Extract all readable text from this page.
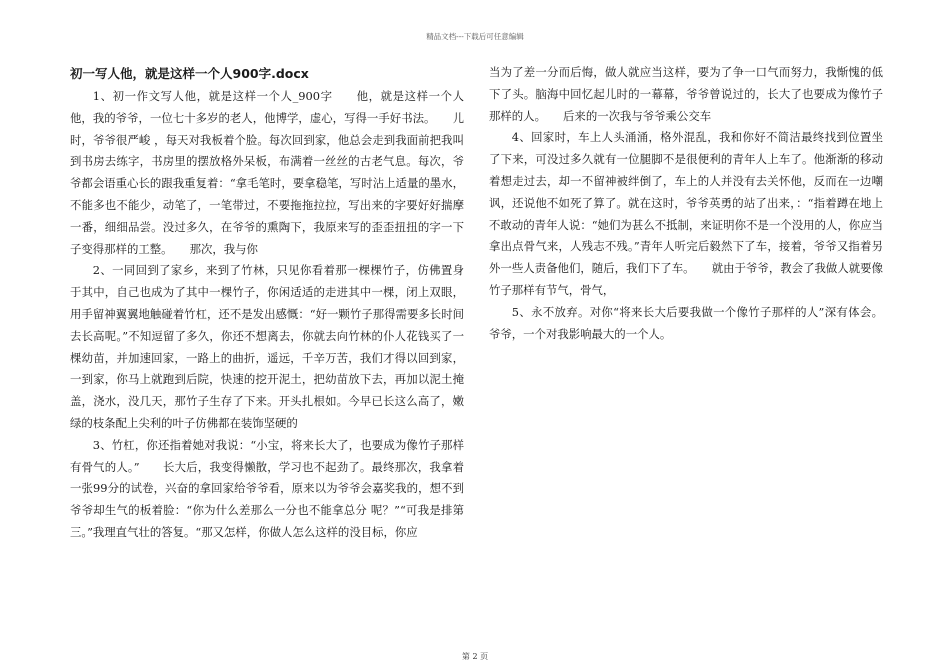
精品文档---下载后可任意编辑
初一写人他，就是这样一个人900字.docx

1、初一作文写人他，就是这样一个人_900字　　他，就是这样一个人　　他，我的爷爷，一位七十多岁的老人，他博学，虚心，写得一手好书法。　　儿时，爷爷很严峻 ，每天对我板着个脸。每次回到家，他总会走到我面前把我叫到书房去练字，书房里的摆放格外呆板，布满着一丝丝的古老气息。每次，爷爷都会语重心长的跟我重复着：“拿毛笔时，要拿稳笔，写时沾上适量的墨水，不能多也不能少，动笔了，一笔带过，不要拖拖拉拉，写出来的字要好好揣摩一番，细细品尝。没过多久，在爷爷的熏陶下，我原来写的歪歪扭扭的字一下子变得那样的工整。　　那次，我与你

2、一同回到了家乡，来到了竹林，只见你看着那一棵棵竹子，仿佛置身于其中，自己也成为了其中一棵竹子，你闲适适的走进其中一棵，闭上双眼，用手留神翼翼地触碰着竹杠，还不是发出感慨：“好一颗竹子那得需要多长时间去长高呢。”不知逗留了多久，你还不想离去，你就去向竹林的仆人花钱买了一棵幼苗，并加速回家，一路上的曲折，遥远，千辛万苦，我们才得以回到家，一到家，你马上就跑到后院，快速的挖开泥土，把幼苗放下去，再加以泥土掩盖，浇水，没几天，那竹子生存了下来。开头扎根如。今早已长这么高了，嫩绿的枝条配上尖利的叶子仿佛都在装饰坚硬的

3、竹杠，你还指着她对我说：“小宝，将来长大了，也要成为像竹子那样有骨气的人。”　　长大后，我变得懒散，学习也不起劲了。最终那次，我拿着一张99分的试卷，兴奋的拿回家给爷爷看，原来以为爷爷会嘉奖我的，想不到爷爷却生气的板着脸：“你为什么差那么一分也不能拿总分 呢？”“可我是排第三。”我理直气壮的答复。“那又怎样，你做人怎么这样的没目标，你应

当为了差一分而后悔，做人就应当这样，要为了争一口气而努力，我惭愧的低下了头。脑海中回忆起儿时的一幕幕，爷爷曾说过的，长大了也要成为像竹子那样的人。　　后来的一次我与爷爷乘公交车

4、回家时，车上人头涌涌，格外混乱，我和你好不简洁最终找到位置坐了下来，可没过多久就有一位腿脚不是很便利的青年人上车了。他渐渐的移动着想走过去，却一不留神被绊倒了，车上的人并没有去关怀他，反而在一边嘲讽，还说他不如死了算了。就在这时，爷爷英勇的站了出来，：“指着蹲在地上不敢动的青年人说：“她们为甚么不抵制，来证明你不是一个没用的人，你应当拿出点骨气来，人残志不残。”青年人听完后毅然下了车，接着，爷爷又指着另外一些人责备他们，随后，我们下了车。　　就由于爷爷，教会了我做人就要像竹子那样有节气，骨气，

5、永不放弃。对你“将来长大后要我做一个像竹子那样的人”深有体会。爷爷，一个对我影响最大的一个人。

第 2 页
